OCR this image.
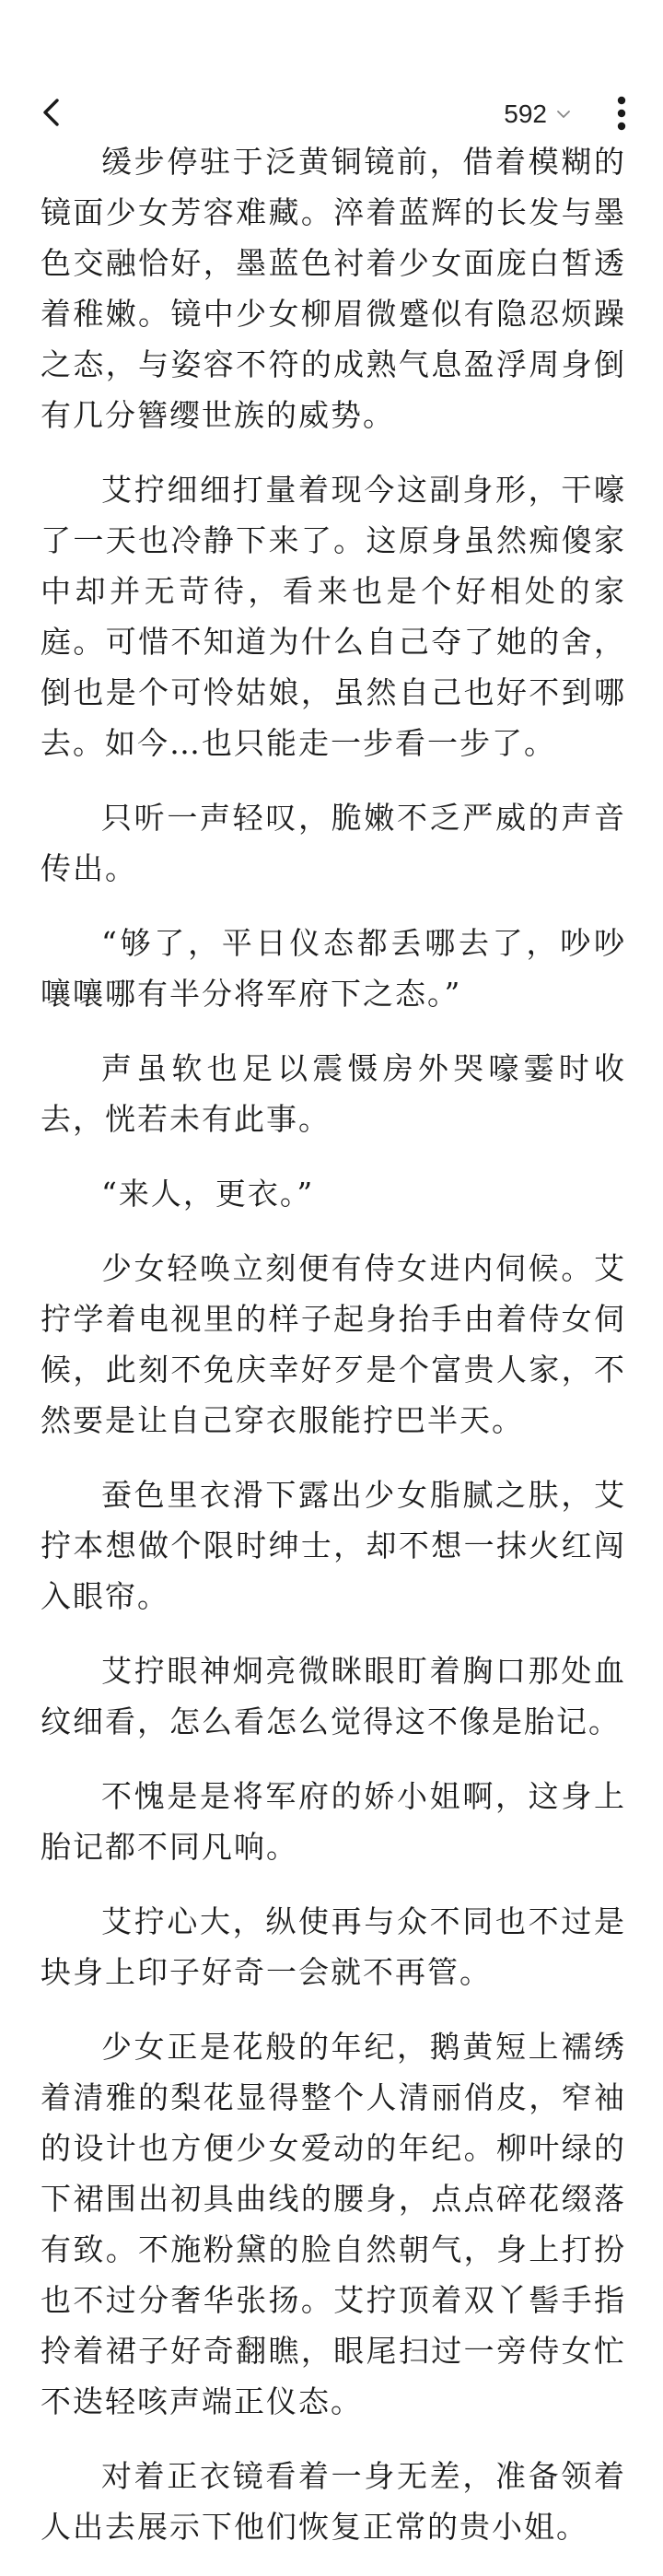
592

缓步停驻于泛黄铜镜前，借着模糊的镜面少女芳容难藏。淬着蓝辉的长发与墨色交融恰好，墨蓝色衬着少女面庞白皙透着稚嫩。镜中少女柳眉微蹙似有隐忍烦躁之态，与姿容不符的成熟气息盈浮周身倒有几分簪缨世族的威势。

艾拧细细打量着现今这副身形，干嚎了一天也冷静下来了。这原身虽然痴傻家中却并无苛待，看来也是个好相处的家庭。可惜不知道为什么自己夺了她的舍，倒也是个可怜姑娘，虽然自己也好不到哪去。如今…也只能走一步看一步了。

只听一声轻叹，脆嫩不乏严威的声音传出。

“够了，平日仪态都丢哪去了，吵吵嚷嚷哪有半分将军府下之态。”

声虽软也足以震慑房外哭嚎霎时收去，恍若未有此事。

“来人，更衣。”

少女轻唤立刻便有侍女进内伺候。艾拧学着电视里的样子起身抬手由着侍女伺候，此刻不免庆幸好歹是个富贵人家，不然要是让自己穿衣服能拧巴半天。

蚕色里衣滑下露出少女脂腻之肤，艾拧本想做个限时绅士，却不想一抹火红闯入眼帘。

艾拧眼神炯亮微眯眼盯着胸口那处血纹细看，怎么看怎么觉得这不像是胎记。

不愧是是将军府的娇小姐啊，这身上胎记都不同凡响。

艾拧心大，纵使再与众不同也不过是块身上印子好奇一会就不再管。

少女正是花般的年纪，鹅黄短上襦绣着清雅的梨花显得整个人清丽俏皮，窄袖的设计也方便少女爱动的年纪。柳叶绿的下裙围出初具曲线的腰身，点点碎花缀落有致。不施粉黛的脸自然朝气，身上打扮也不过分奢华张扬。艾拧顶着双丫髻手指拎着裙子好奇翻瞧，眼尾扫过一旁侍女忙不迭轻咳声端正仪态。

对着正衣镜看着一身无差，准备领着人出去展示下他们恢复正常的贵小姐。
